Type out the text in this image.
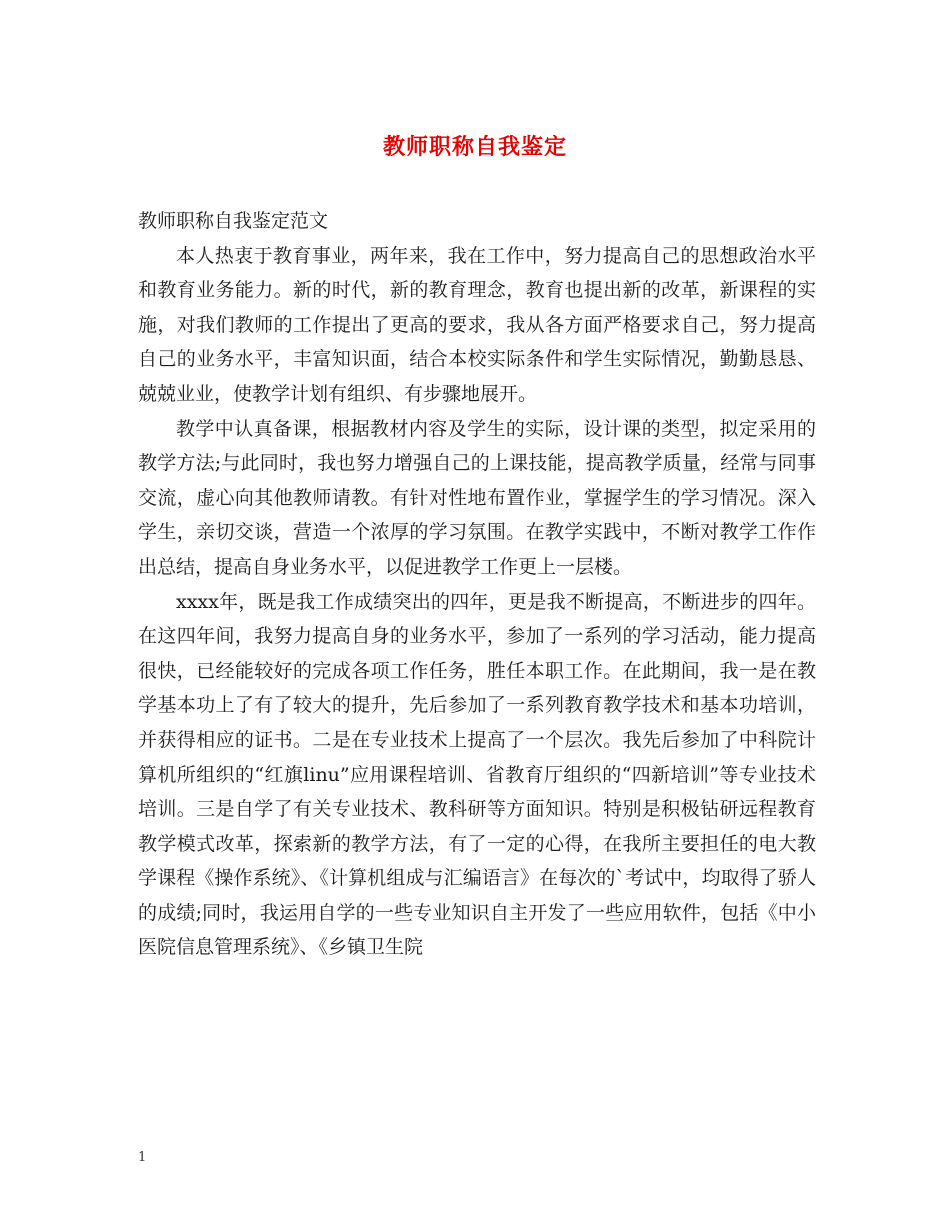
教师职称自我鉴定

教师职称自我鉴定范文

本人热衷于教育事业，两年来，我在工作中，努力提高自己的思想政治水平和教育业务能力。新的时代，新的教育理念，教育也提出新的改革，新课程的实施，对我们教师的工作提出了更高的要求，我从各方面严格要求自己，努力提高自己的业务水平，丰富知识面，结合本校实际条件和学生实际情况，勤勤恳恳、兢兢业业，使教学计划有组织、有步骤地展开。

教学中认真备课，根据教材内容及学生的实际，设计课的类型，拟定采用的教学方法;与此同时，我也努力增强自己的上课技能，提高教学质量，经常与同事交流，虚心向其他教师请教。有针对性地布置作业，掌握学生的学习情况。深入学生，亲切交谈，营造一个浓厚的学习氛围。在教学实践中，不断对教学工作作出总结，提高自身业务水平，以促进教学工作更上一层楼。

xxxx年，既是我工作成绩突出的四年，更是我不断提高，不断进步的四年。在这四年间，我努力提高自身的业务水平，参加了一系列的学习活动，能力提高很快，已经能较好的完成各项工作任务，胜任本职工作。在此期间，我一是在教学基本功上了有了较大的提升，先后参加了一系列教育教学技术和基本功培训，并获得相应的证书。二是在专业技术上提高了一个层次。我先后参加了中科院计算机所组织的“红旗linu”应用课程培训、省教育厅组织的“四新培训”等专业技术培训。三是自学了有关专业技术、教科研等方面知识。特别是积极钻研远程教育教学模式改革，探索新的教学方法，有了一定的心得，在我所主要担任的电大教学课程《操作系统》、《计算机组成与汇编语言》在每次的`考试中，均取得了骄人的成绩;同时，我运用自学的一些专业知识自主开发了一些应用软件，包括《中小医院信息管理系统》、《乡镇卫生院

1
